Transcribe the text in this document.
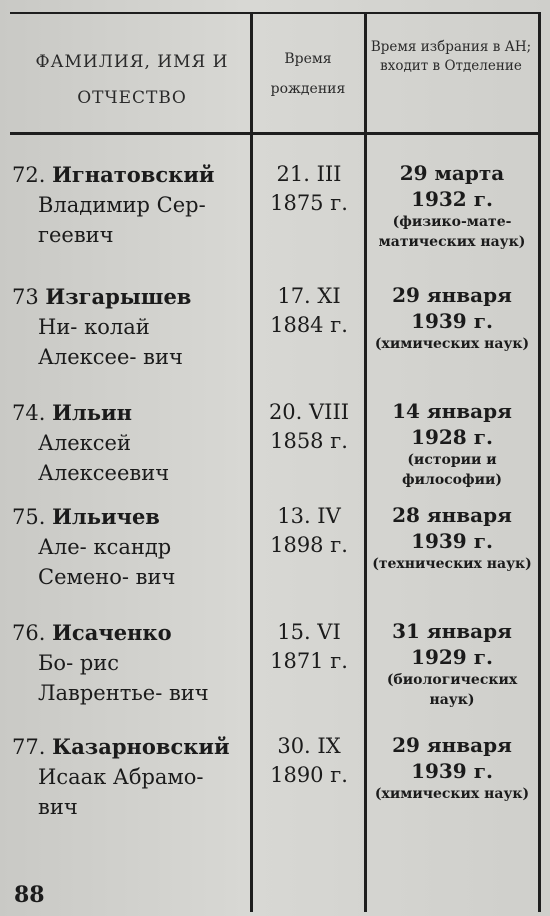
ФАМИЛИЯ, ИМЯ И ОТЧЕСТВО
Время рождения
Время избрания в АН; входит в Отделение
72. Игнатовский
Владимир Сер- геевич
21. III 1875 г.
29 марта
1932 г.
(физико-мате- матических наук)
73 Изгарышев
Ни- колай Алексее- вич
17. XI 1884 г.
29 января
1939 г.
(химических наук)
74. Ильин
Алексей Алексеевич
20. VIII 1858 г.
14 января
1928 г.
(истории и философии)
75. Ильичев
Але- ксандр Семено- вич
13. IV 1898 г.
28 января
1939 г.
(технических наук)
76. Исаченко
Бо- рис Лаврентье- вич
15. VI 1871 г.
31 января
1929 г.
(биологических наук)
77. Казарновский
Исаак Абрамо- вич
30. IX 1890 г.
29 января
1939 г.
(химических наук)
88
